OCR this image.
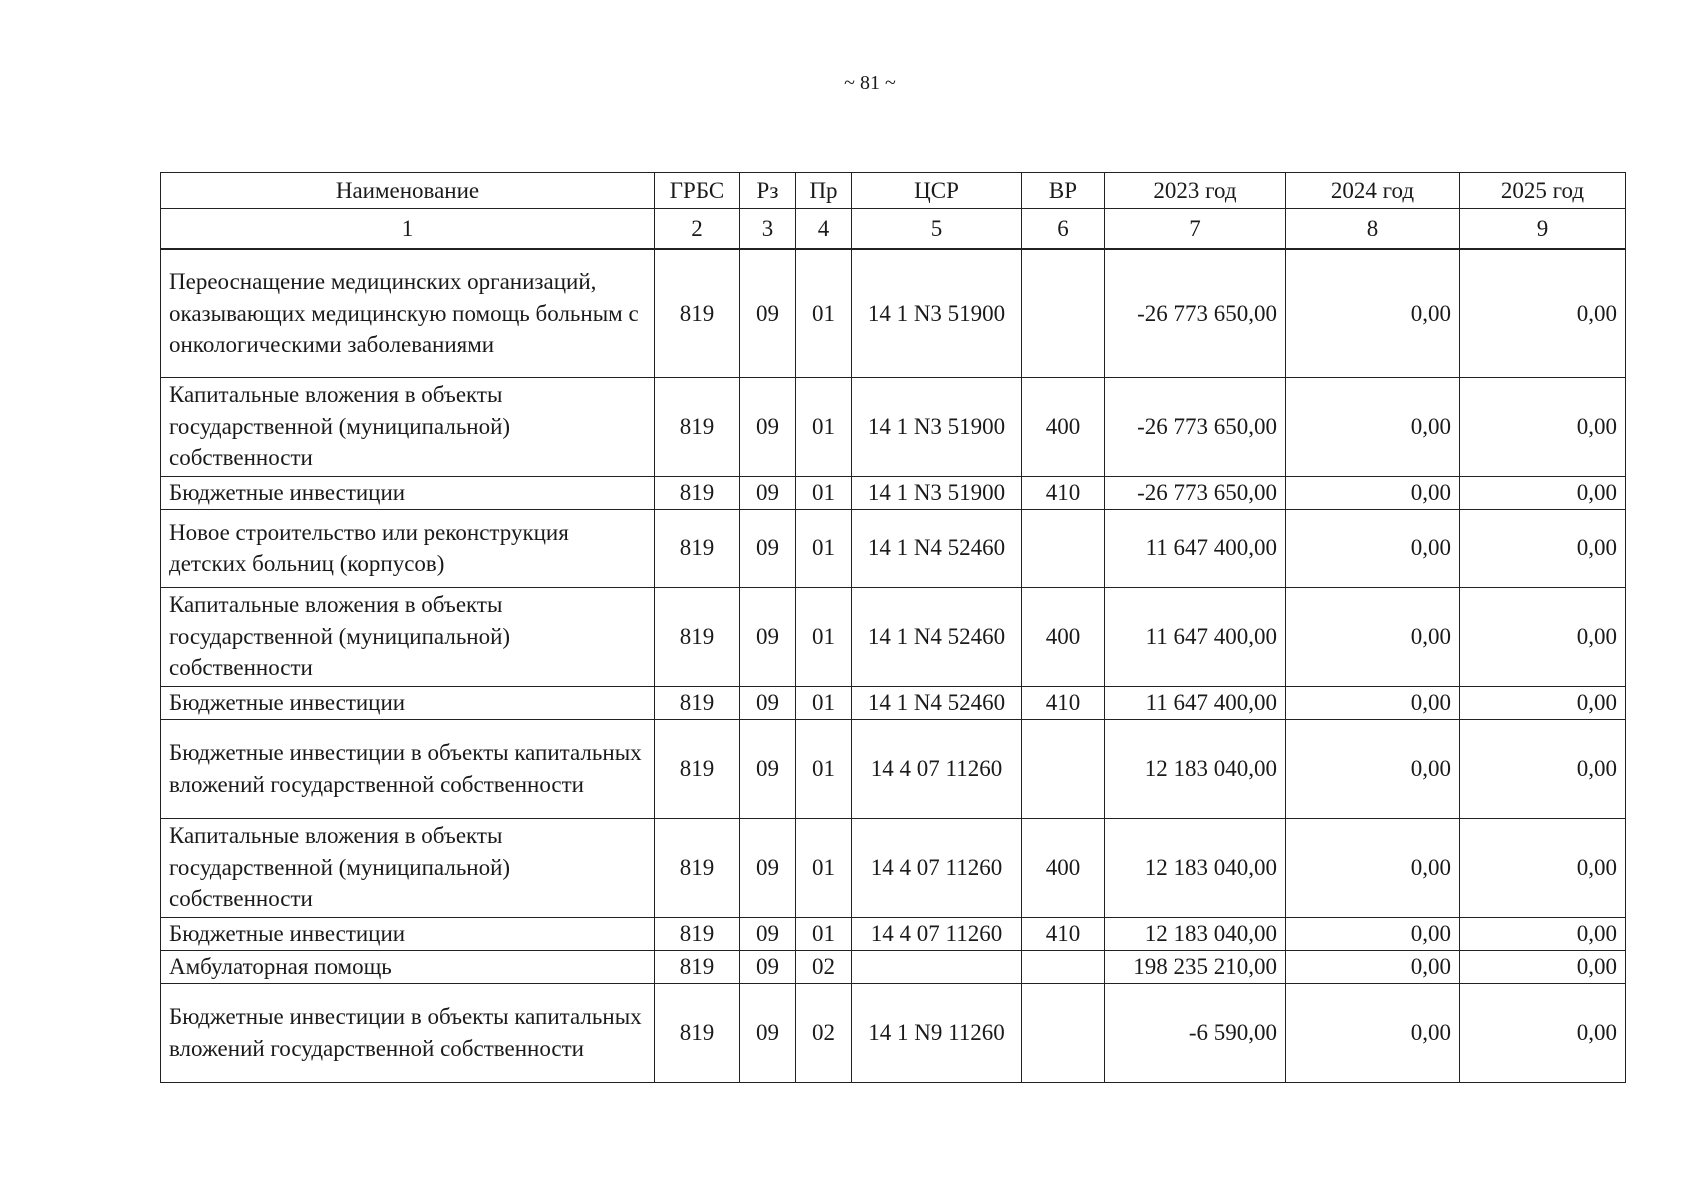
~ 81 ~
Наименование	ГРБС	Рз	Пр	ЦСР	ВР	2023 год	2024 год	2025 год
1	2	3	4	5	6	7	8	9
Переоснащение медицинских организаций, оказывающих медицинскую помощь больным с онкологическими заболеваниями	819	09	01	14 1 N3 51900		-26 773 650,00	0,00	0,00
Капитальные вложения в объекты государственной (муниципальной) собственности	819	09	01	14 1 N3 51900	400	-26 773 650,00	0,00	0,00
Бюджетные инвестиции	819	09	01	14 1 N3 51900	410	-26 773 650,00	0,00	0,00
Новое строительство или реконструкция детских больниц (корпусов)	819	09	01	14 1 N4 52460		11 647 400,00	0,00	0,00
Капитальные вложения в объекты государственной (муниципальной) собственности	819	09	01	14 1 N4 52460	400	11 647 400,00	0,00	0,00
Бюджетные инвестиции	819	09	01	14 1 N4 52460	410	11 647 400,00	0,00	0,00
Бюджетные инвестиции в объекты капитальных вложений государственной собственности	819	09	01	14 4 07 11260		12 183 040,00	0,00	0,00
Капитальные вложения в объекты государственной (муниципальной) собственности	819	09	01	14 4 07 11260	400	12 183 040,00	0,00	0,00
Бюджетные инвестиции	819	09	01	14 4 07 11260	410	12 183 040,00	0,00	0,00
Амбулаторная помощь	819	09	02			198 235 210,00	0,00	0,00
Бюджетные инвестиции в объекты капитальных вложений государственной собственности	819	09	02	14 1 N9 11260		-6 590,00	0,00	0,00
